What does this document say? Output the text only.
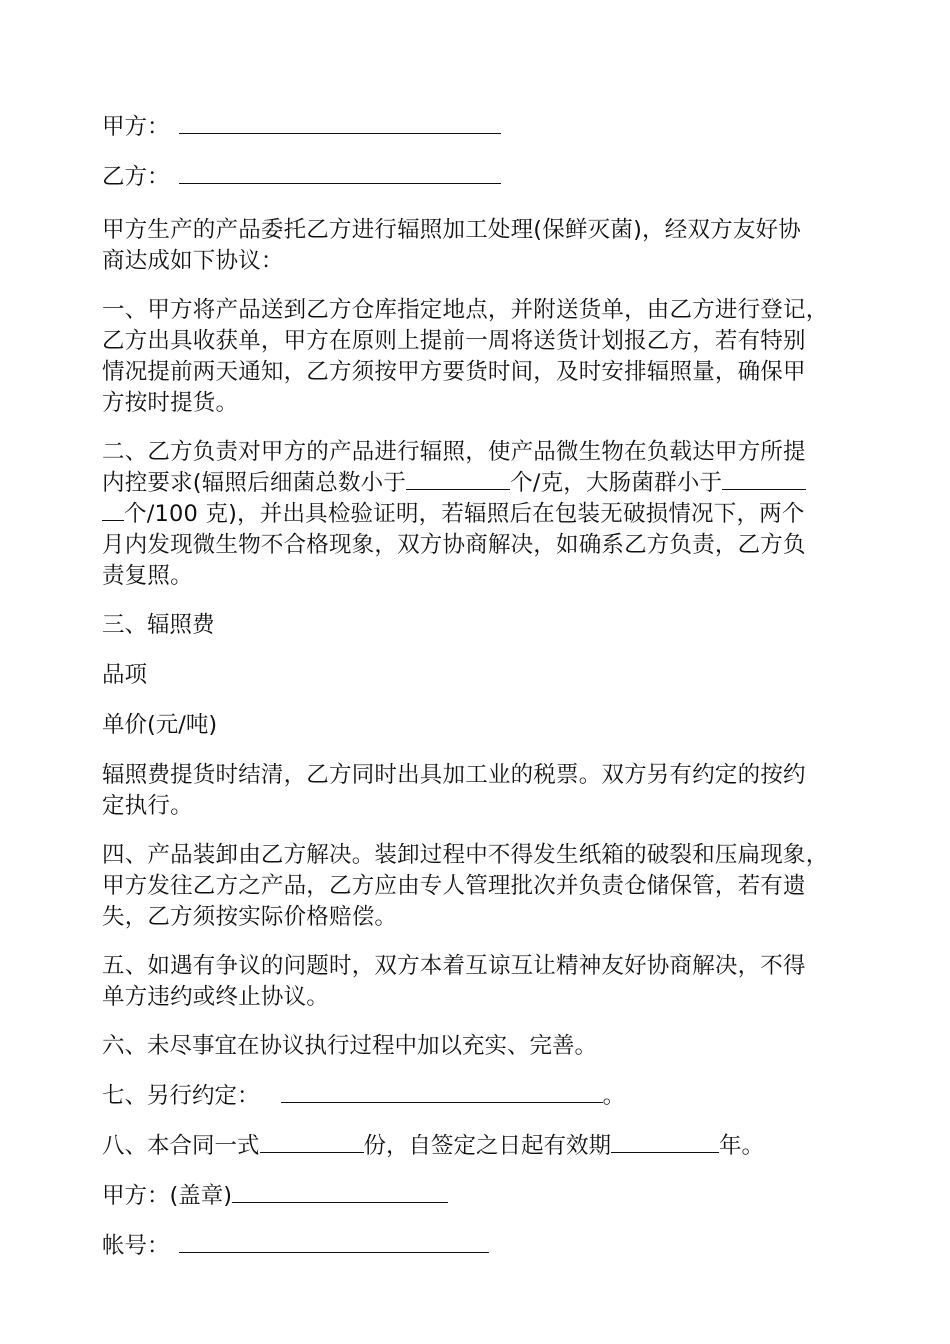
甲方：
乙方：
甲方生产的产品委托乙方进行辐照加工处理(保鲜灭菌)，经双方友好协
商达成如下协议：
一、甲方将产品送到乙方仓库指定地点，并附送货单，由乙方进行登记，
乙方出具收获单，甲方在原则上提前一周将送货计划报乙方，若有特别
情况提前两天通知，乙方须按甲方要货时间，及时安排辐照量，确保甲
方按时提货。
二、乙方负责对甲方的产品进行辐照，使产品微生物在负载达甲方所提
内控要求(辐照后细菌总数小于	个/克，大肠菌群小于
个/100 克)，并出具检验证明，若辐照后在包装无破损情况下，两个
月内发现微生物不合格现象，双方协商解决，如确系乙方负责，乙方负
责复照。
三、辐照费
品项
单价(元/吨)
辐照费提货时结清，乙方同时出具加工业的税票。双方另有约定的按约
定执行。
四、产品装卸由乙方解决。装卸过程中不得发生纸箱的破裂和压扁现象，
甲方发往乙方之产品，乙方应由专人管理批次并负责仓储保管，若有遗
失，乙方须按实际价格赔偿。
五、如遇有争议的问题时，双方本着互谅互让精神友好协商解决，不得
单方违约或终止协议。
六、未尽事宜在协议执行过程中加以充实、完善。
七、另行约定：	。
八、本合同一式	份，自签定之日起有效期	年。
甲方：(盖章)
帐号：
